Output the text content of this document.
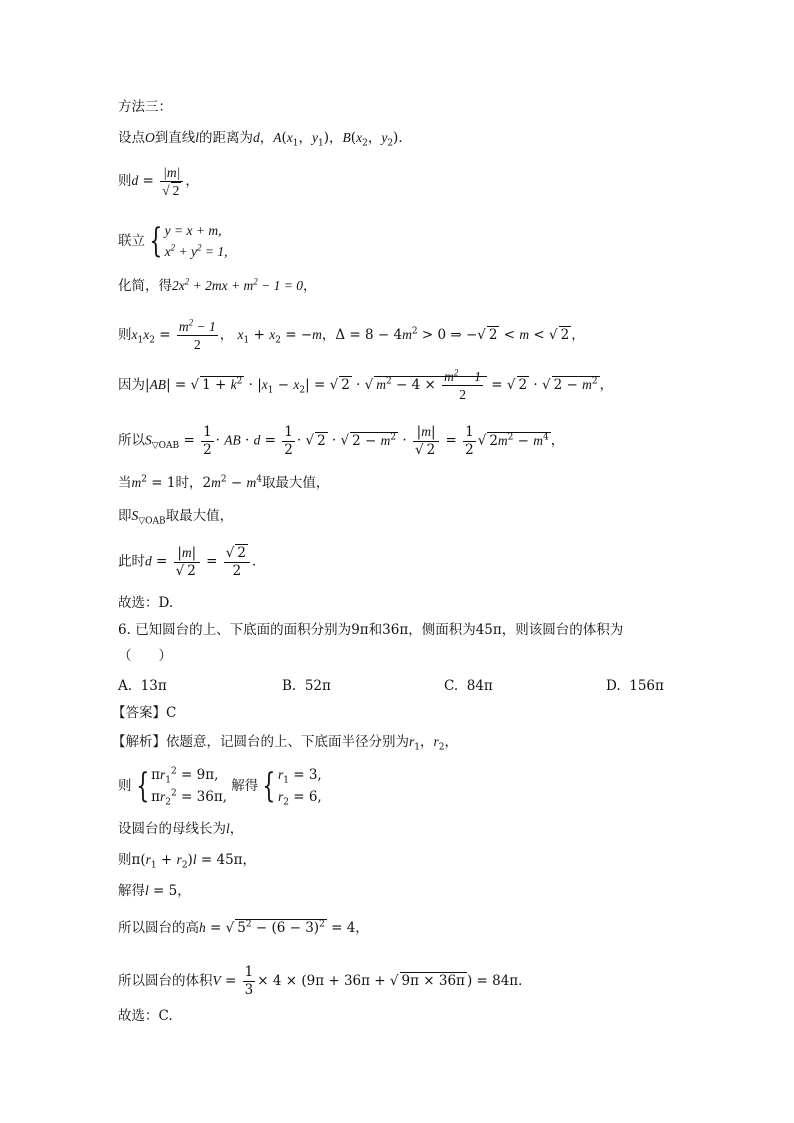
方法三：
设点O到直线l的距离为d，$A(x_1$，$y_1$)，$B(x_2$，$y_2$)．
则$d = \frac{|m|}{√ 2}$ ，
联立 { y = x + m,
$x^2 + y^2 = 1$,
化简，得$2x^2 + 2mx + m^2 - 1 = 0$，
则$x_1x_2 = \frac{m^2 - 1}{2}$ ， $x_1 + x_2 = -m$，$\Delta = 8 - 4m^2 > 0$ ⇒ −√ 2 < m < √ 2 ，
因为|AB| = √ $1 + k^2 \cdot |x_1 - x_2|$ = √ 2 · √ $m^2 - 4 \times \frac{m^2 - 1}{2}$ = √ 2 · √ $2 - m^2$ ，
所以$S_{▽OAB} = \frac{1}{2}$ · AB · $d = \frac{1}{2}$ · √ 2 · √ $2 - m^2 \cdot \frac{|m|}{√ 2} = \frac{1}{2}$ √ $2m^2 - m^4$ ，
当$m^2 = 1$时，$2m^2 - m^4$取最大值，
即$S_{▽OAB}$取最大值，
此时$d = \frac{|m|}{√ 2} = \frac{√ 2}{2}$ ．
故选：D.
6. 已知圆台的上、下底面的面积分别为9π和36π，侧面积为45π，则该圆台的体积为
（　　）
A. 13π	B. 52π	C. 84π	D. 156π
【答案】C
【解析】依题意，记圆台的上、下底面半径分别为$r_1$，$r_2$，
则 { $\pi r_1^2 = 9\pi$,
$\pi r_2^2 = 36\pi$,
解得 { $r_1 = 3$,
$r_2 = 6$,
设圆台的母线长为l，
则$\pi(r_1 + r_2)l = 45\pi$，
解得l = 5，
所以圆台的高h = √ $5^2 - (6 - 3)^2 = 4$，
所以圆台的体积$V = \frac{1}{3} \times 4 \times (9\pi + 36\pi$ + √ 9π × 36π ) = 84π．
故选：C.
